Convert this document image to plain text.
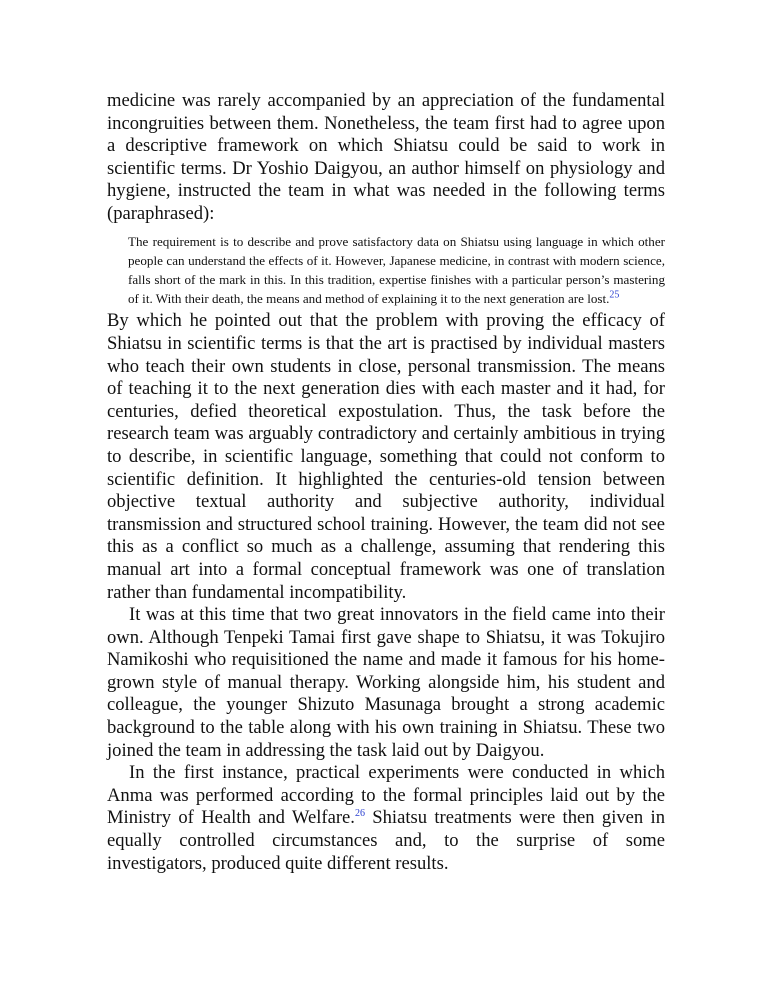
medicine was rarely accompanied by an appreciation of the fundamental incongruities between them. Nonetheless, the team first had to agree upon a descriptive framework on which Shiatsu could be said to work in scientific terms. Dr Yoshio Daigyou, an author himself on physiology and hygiene, instructed the team in what was needed in the following terms (paraphrased):

The requirement is to describe and prove satisfactory data on Shiatsu using language in which other people can understand the effects of it. However, Japanese medicine, in contrast with modern science, falls short of the mark in this. In this tradition, expertise finishes with a particular person’s mastering of it. With their death, the means and method of explaining it to the next generation are lost.$^{25}$

By which he pointed out that the problem with proving the efficacy of Shiatsu in scientific terms is that the art is practised by individual masters who teach their own students in close, personal transmission. The means of teaching it to the next generation dies with each master and it had, for centuries, defied theoretical expostulation. Thus, the task before the research team was arguably contradictory and certainly ambitious in trying to describe, in scientific language, something that could not conform to scientific definition. It highlighted the centuries-old tension between objective textual authority and subjective authority, individual transmission and structured school training. However, the team did not see this as a conflict so much as a challenge, assuming that rendering this manual art into a formal conceptual framework was one of translation rather than fundamental incompatibility.

It was at this time that two great innovators in the field came into their own. Although Tenpeki Tamai first gave shape to Shiatsu, it was Tokujiro Namikoshi who requisitioned the name and made it famous for his home-grown style of manual therapy. Working alongside him, his student and colleague, the younger Shizuto Masunaga brought a strong academic background to the table along with his own training in Shiatsu. These two joined the team in addressing the task laid out by Daigyou.

In the first instance, practical experiments were conducted in which Anma was performed according to the formal principles laid out by the Ministry of Health and Welfare.$^{26}$ Shiatsu treatments were then given in equally controlled circumstances and, to the surprise of some investigators, produced quite different results.
